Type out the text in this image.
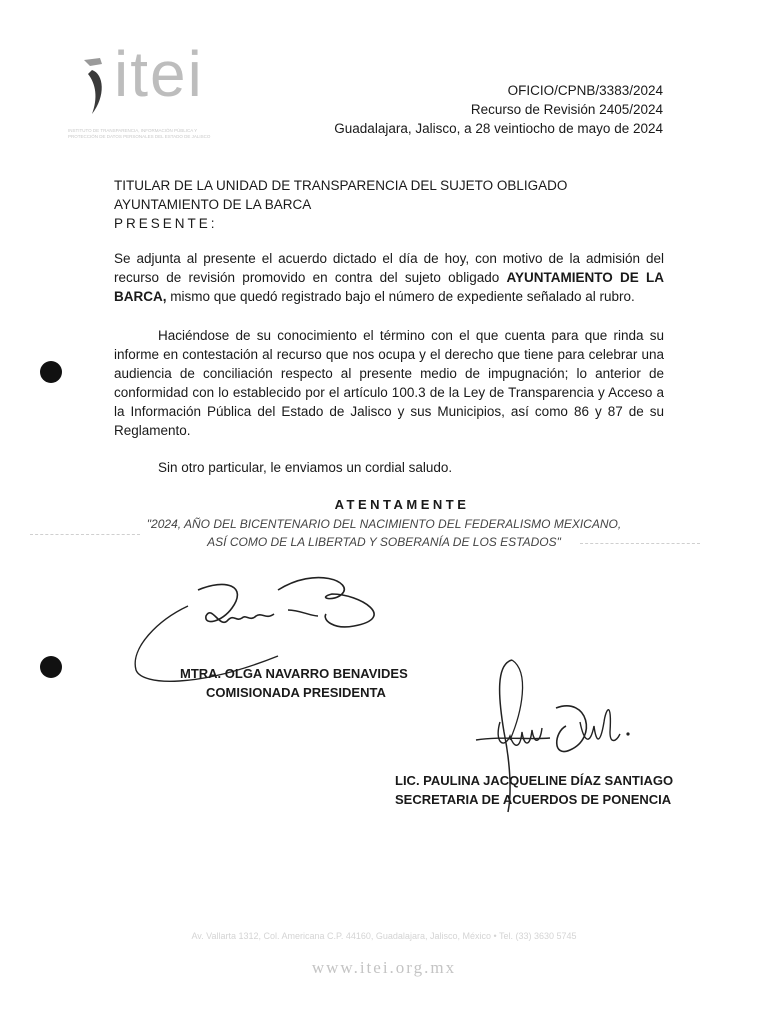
itei
INSTITUTO DE TRANSPARENCIA, INFORMACIÓN PÚBLICA Y PROTECCIÓN DE DATOS PERSONALES DEL ESTADO DE JALISCO
OFICIO/CPNB/3383/2024
Recurso de Revisión 2405/2024
Guadalajara, Jalisco, a 28 veintiocho de mayo de 2024
TITULAR DE LA UNIDAD DE TRANSPARENCIA DEL SUJETO OBLIGADO
AYUNTAMIENTO DE LA BARCA
PRESENTE:
Se adjunta al presente el acuerdo dictado el día de hoy, con motivo de la admisión del recurso de revisión promovido en contra del sujeto obligado AYUNTAMIENTO DE LA BARCA, mismo que quedó registrado bajo el número de expediente señalado al rubro.
Haciéndose de su conocimiento el término con el que cuenta para que rinda su informe en contestación al recurso que nos ocupa y el derecho que tiene para celebrar una audiencia de conciliación respecto al presente medio de impugnación; lo anterior de conformidad con lo establecido por el artículo 100.3 de la Ley de Transparencia y Acceso a la Información Pública del Estado de Jalisco y sus Municipios, así como 86 y 87 de su Reglamento.
Sin otro particular, le enviamos un cordial saludo.
ATENTAMENTE
"2024, AÑO DEL BICENTENARIO DEL NACIMIENTO DEL FEDERALISMO MEXICANO,
ASÍ COMO DE LA LIBERTAD Y SOBERANÍA DE LOS ESTADOS"
MTRA. OLGA NAVARRO BENAVIDES
COMISIONADA PRESIDENTA
LIC. PAULINA JACQUELINE DÍAZ SANTIAGO
SECRETARIA DE ACUERDOS DE PONENCIA
Av. Vallarta 1312, Col. Americana C.P. 44160, Guadalajara, Jalisco, México • Tel. (33) 3630 5745
www.itei.org.mx
